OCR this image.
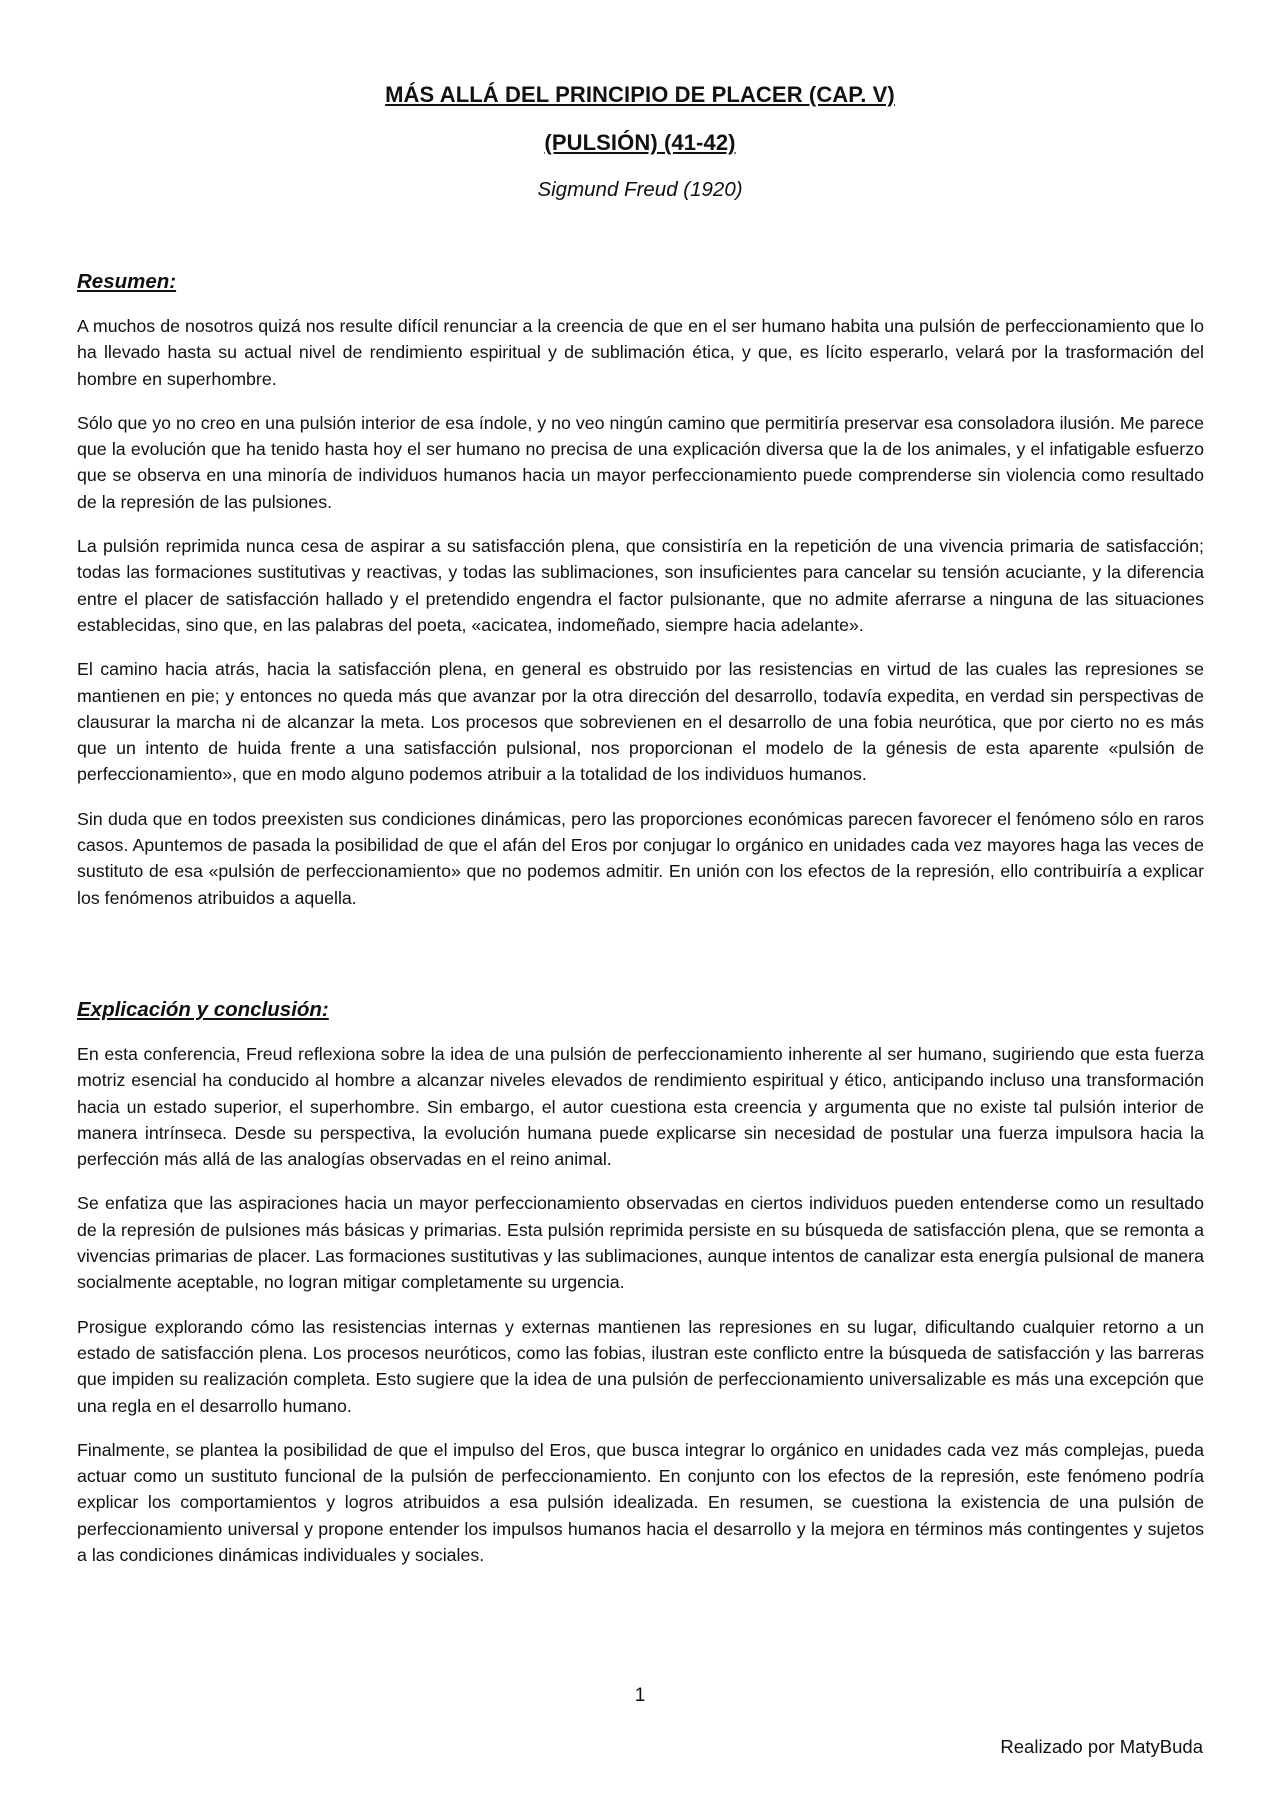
MÁS ALLÁ DEL PRINCIPIO DE PLACER (CAP. V)
(PULSIÓN) (41-42)
Sigmund Freud (1920)
Resumen:

A muchos de nosotros quizá nos resulte difícil renunciar a la creencia de que en el ser humano habita una pulsión de perfeccionamiento que lo ha llevado hasta su actual nivel de rendimiento espiritual y de sublimación ética, y que, es lícito esperarlo, velará por la trasformación del hombre en superhombre.

Sólo que yo no creo en una pulsión interior de esa índole, y no veo ningún camino que permitiría preservar esa consoladora ilusión. Me parece que la evolución que ha tenido hasta hoy el ser humano no precisa de una explicación diversa que la de los animales, y el infatigable esfuerzo que se observa en una minoría de individuos humanos hacia un mayor perfeccionamiento puede comprenderse sin violencia como resultado de la represión de las pulsiones.

La pulsión reprimida nunca cesa de aspirar a su satisfacción plena, que consistiría en la repetición de una vivencia primaria de satisfacción; todas las formaciones sustitutivas y reactivas, y todas las sublimaciones, son insuficientes para cancelar su tensión acuciante, y la diferencia entre el placer de satisfacción hallado y el pretendido engendra el factor pulsionante, que no admite aferrarse a ninguna de las situaciones establecidas, sino que, en las palabras del poeta, «acicatea, indomeñado, siempre hacia adelante».

El camino hacia atrás, hacia la satisfacción plena, en general es obstruido por las resistencias en virtud de las cuales las represiones se mantienen en pie; y entonces no queda más que avanzar por la otra dirección del desarrollo, todavía expedita, en verdad sin perspectivas de clausurar la marcha ni de alcanzar la meta. Los procesos que sobrevienen en el desarrollo de una fobia neurótica, que por cierto no es más que un intento de huida frente a una satisfacción pulsional, nos proporcionan el modelo de la génesis de esta aparente «pulsión de perfeccionamiento», que en modo alguno podemos atribuir a la totalidad de los individuos humanos.

Sin duda que en todos preexisten sus condiciones dinámicas, pero las proporciones económicas parecen favorecer el fenómeno sólo en raros casos. Apuntemos de pasada la posibilidad de que el afán del Eros por conjugar lo orgánico en unidades cada vez mayores haga las veces de sustituto de esa «pulsión de perfeccionamiento» que no podemos admitir. En unión con los efectos de la represión, ello contribuiría a explicar los fenómenos atribuidos a aquella.

Explicación y conclusión:

En esta conferencia, Freud reflexiona sobre la idea de una pulsión de perfeccionamiento inherente al ser humano, sugiriendo que esta fuerza motriz esencial ha conducido al hombre a alcanzar niveles elevados de rendimiento espiritual y ético, anticipando incluso una transformación hacia un estado superior, el superhombre. Sin embargo, el autor cuestiona esta creencia y argumenta que no existe tal pulsión interior de manera intrínseca. Desde su perspectiva, la evolución humana puede explicarse sin necesidad de postular una fuerza impulsora hacia la perfección más allá de las analogías observadas en el reino animal.

Se enfatiza que las aspiraciones hacia un mayor perfeccionamiento observadas en ciertos individuos pueden entenderse como un resultado de la represión de pulsiones más básicas y primarias. Esta pulsión reprimida persiste en su búsqueda de satisfacción plena, que se remonta a vivencias primarias de placer. Las formaciones sustitutivas y las sublimaciones, aunque intentos de canalizar esta energía pulsional de manera socialmente aceptable, no logran mitigar completamente su urgencia.

Prosigue explorando cómo las resistencias internas y externas mantienen las represiones en su lugar, dificultando cualquier retorno a un estado de satisfacción plena. Los procesos neuróticos, como las fobias, ilustran este conflicto entre la búsqueda de satisfacción y las barreras que impiden su realización completa. Esto sugiere que la idea de una pulsión de perfeccionamiento universalizable es más una excepción que una regla en el desarrollo humano.

Finalmente, se plantea la posibilidad de que el impulso del Eros, que busca integrar lo orgánico en unidades cada vez más complejas, pueda actuar como un sustituto funcional de la pulsión de perfeccionamiento. En conjunto con los efectos de la represión, este fenómeno podría explicar los comportamientos y logros atribuidos a esa pulsión idealizada. En resumen, se cuestiona la existencia de una pulsión de perfeccionamiento universal y propone entender los impulsos humanos hacia el desarrollo y la mejora en términos más contingentes y sujetos a las condiciones dinámicas individuales y sociales.

1
Realizado por MatyBuda
